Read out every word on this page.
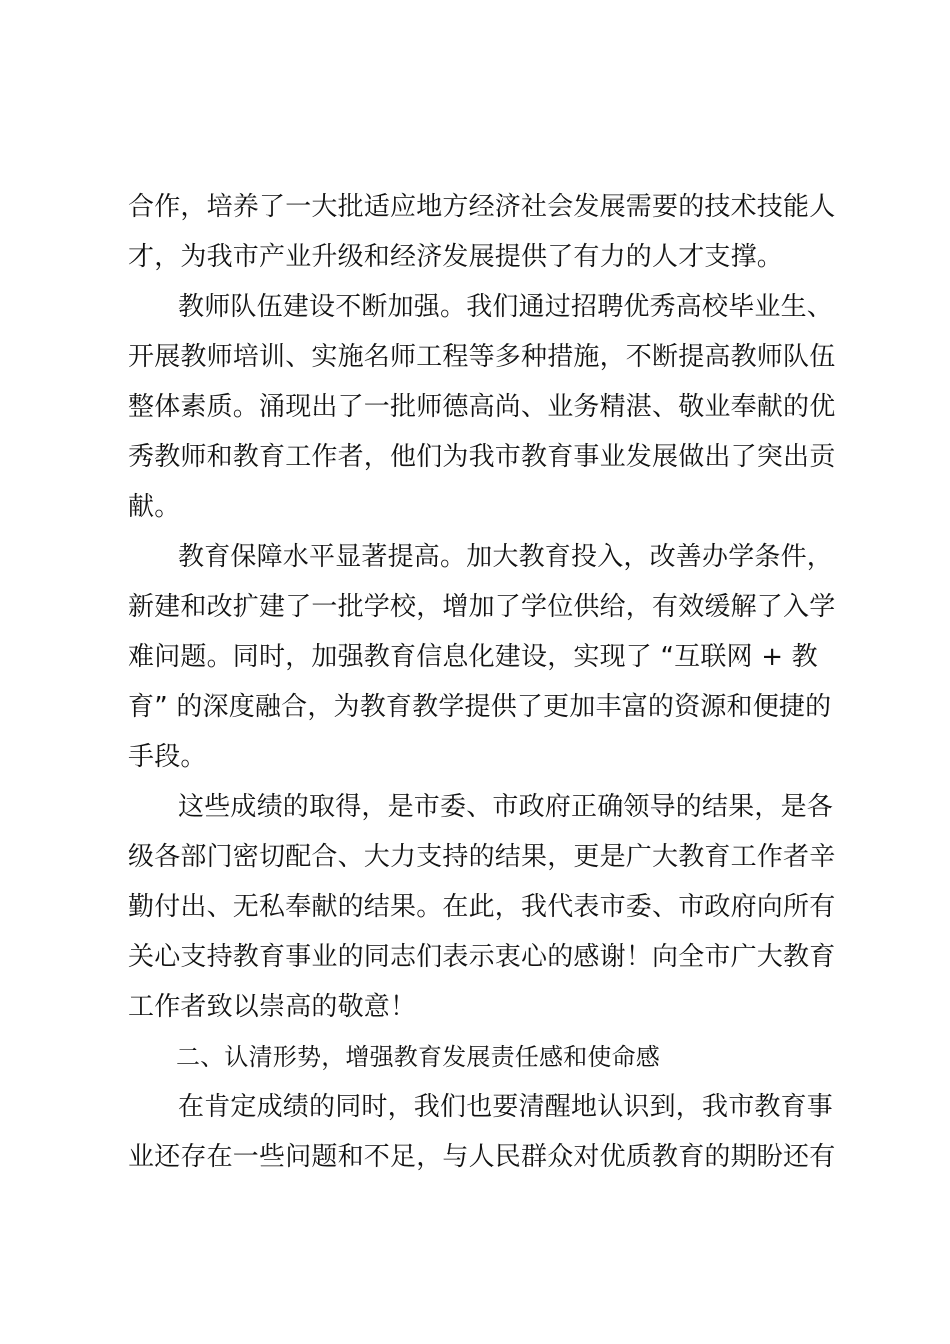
合作，培养了一大批适应地方经济社会发展需要的技术技能人
才，为我市产业升级和经济发展提供了有力的人才支撑。
教师队伍建设不断加强。我们通过招聘优秀高校毕业生、
开展教师培训、实施名师工程等多种措施，不断提高教师队伍
整体素质。涌现出了一批师德高尚、业务精湛、敬业奉献的优
秀教师和教育工作者，他们为我市教育事业发展做出了突出贡
献。
教育保障水平显著提高。加大教育投入，改善办学条件，
新建和改扩建了一批学校，增加了学位供给，有效缓解了入学
难问题。同时，加强教育信息化建设，实现了 “互联网 + 教
育” 的深度融合，为教育教学提供了更加丰富的资源和便捷的
手段。
这些成绩的取得，是市委、市政府正确领导的结果，是各
级各部门密切配合、大力支持的结果，更是广大教育工作者辛
勤付出、无私奉献的结果。在此，我代表市委、市政府向所有
关心支持教育事业的同志们表示衷心的感谢！向全市广大教育
工作者致以崇高的敬意！
二、认清形势，增强教育发展责任感和使命感
在肯定成绩的同时，我们也要清醒地认识到，我市教育事
业还存在一些问题和不足，与人民群众对优质教育的期盼还有
